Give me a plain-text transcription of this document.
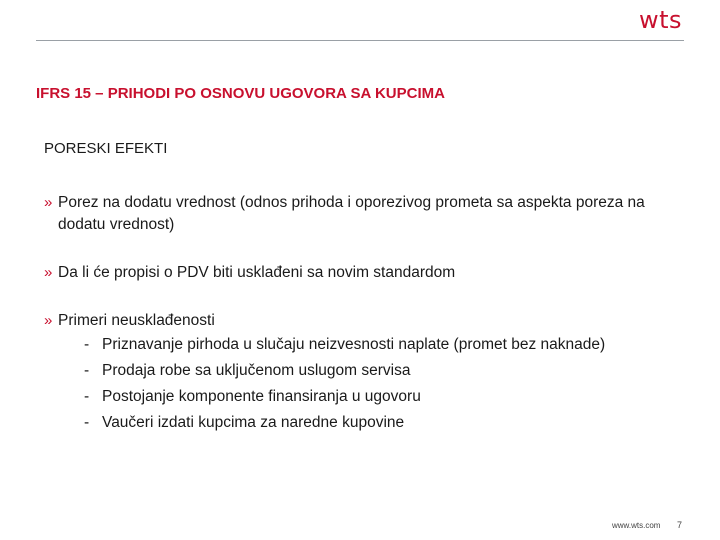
wts
IFRS 15 – PRIHODI PO OSNOVU UGOVORA SA KUPCIMA
PORESKI EFEKTI
» Porez na dodatu vrednost (odnos prihoda i oporezivog prometa sa aspekta poreza na dodatu vrednost)
» Da li će propisi o PDV biti usklađeni sa novim standardom
» Primeri neusklađenosti
- Priznavanje pirhoda u slučaju neizvesnosti naplate (promet bez naknade)
- Prodaja robe sa uključenom uslugom servisa
- Postojanje komponente finansiranja u ugovoru
- Vaučeri izdati kupcima za naredne kupovine
www.wts.com 7
